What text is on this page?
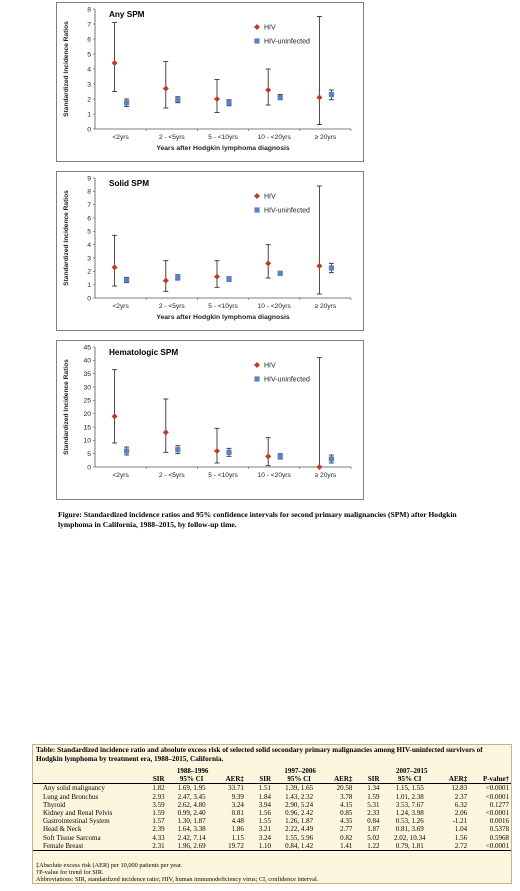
0
1
2
3
4
5
6
7
8
<2yrs	2 - <5yrs	5 - <10yrs	10 - <20yrs	≥ 20yrs
Any SPM
Standardized Incidence Ratios
Years after Hodgkin lymphoma diagnosis
HIV
HIV-uninfected
0
1
2
3
4
5
6
7
8
9
<2yrs	2 - <5yrs	5 - <10yrs	10 - <20yrs	≥ 20yrs
Solid SPM
Standardized Incidence Ratios
Years after Hodgkin lymphoma diagnosis
HIV
HIV-uninfected
0
5
10
15
20
25
30
35
40
45
<2yrs	2 - <5yrs	5 - <10yrs	10 - <20yrs	≥ 20yrs
Hematologic SPM
Standardized Incidence Ratios	HIV
HIV-uninfected
Figure: Standardized incidence ratios and 95% confidence intervals for second primary malignancies (SPM) after Hodgkin lymphoma in California, 1988–2015, by follow-up time.
Table: Standardized incidence ratio and absolute excess risk of selected solid secondary primary malignancies among HIV-uninfected survivors of Hodgkin lymphoma by treatment era, 1988–2015, California.
	1988–1996			1997–2006			2007–2015			
	SIR	95% CI	AER‡	SIR	95% CI	AER‡	SIR	95% CI	AER‡	P-value†
Any solid malignancy	1.82	1.69, 1.95	33.71	1.51	1.39, 1.65	20.58	1.34	1.15, 1.55	12.83	<0.0001
Lung and Bronchus	2.93	2.47, 3.45	9.39	1.84	1.43, 2.32	3.78	1.59	1.01, 2.38	2.37	<0.0001
Thyroid	3.59	2.62, 4.80	3.24	3.94	2.90, 5.24	4.15	5.31	3.53, 7.67	6.32	0.1277
Kidney and Renal Pelvis	1.59	0.99, 2.40	0.81	1.56	0.96, 2.42	0.85	2.33	1.24, 3.98	2.06	<0.0001
Gastrointestinal System	1.57	1.30, 1.87	4.48	1.55	1.26, 1.87	4.35	0.84	0.53, 1.26	-1.21	0.0016
Head & Neck	2.39	1.64, 3.38	1.86	3.21	2.22, 4.49	2.77	1.87	0.81, 3.69	1.04	0.5378
Soft Tissue Sarcoma	4.33	2.42, 7.14	1.15	3.24	1.55, 5.96	0.82	5.02	2.02, 10.34	1.56	0.5968
Female Breast	2.31	1.96, 2.69	19.72	1.10	0.84, 1.42	1.41	1.22	0.79, 1.81	2.72	<0.0001
‡Absolute excess risk (AER) per 10,000 patients per year.
†P-value for trend for SIR.
Abbreviations: SIR, standardized incidence ratio; HIV, human immunodeficiency virus; CI, confidence interval.
